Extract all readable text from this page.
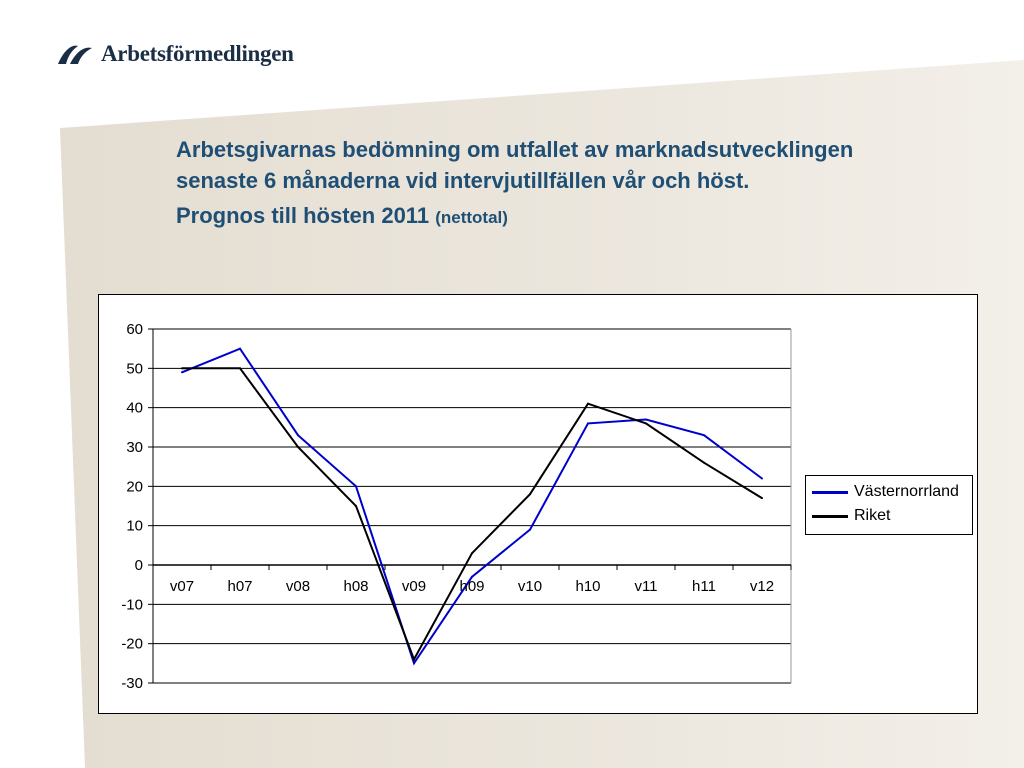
Arbetsförmedlingen

Arbetsgivarnas bedömning om utfallet av marknadsutvecklingen senaste 6 månaderna vid intervjutillfällen vår och höst.

Prognos till hösten 2011 (nettotal)

60
50
40
30
20
10
0
-10
-20
-30
v07 h07 v08 h08 v09 h09 v10 h10 v11 h11 v12
Västernorrland
Riket
